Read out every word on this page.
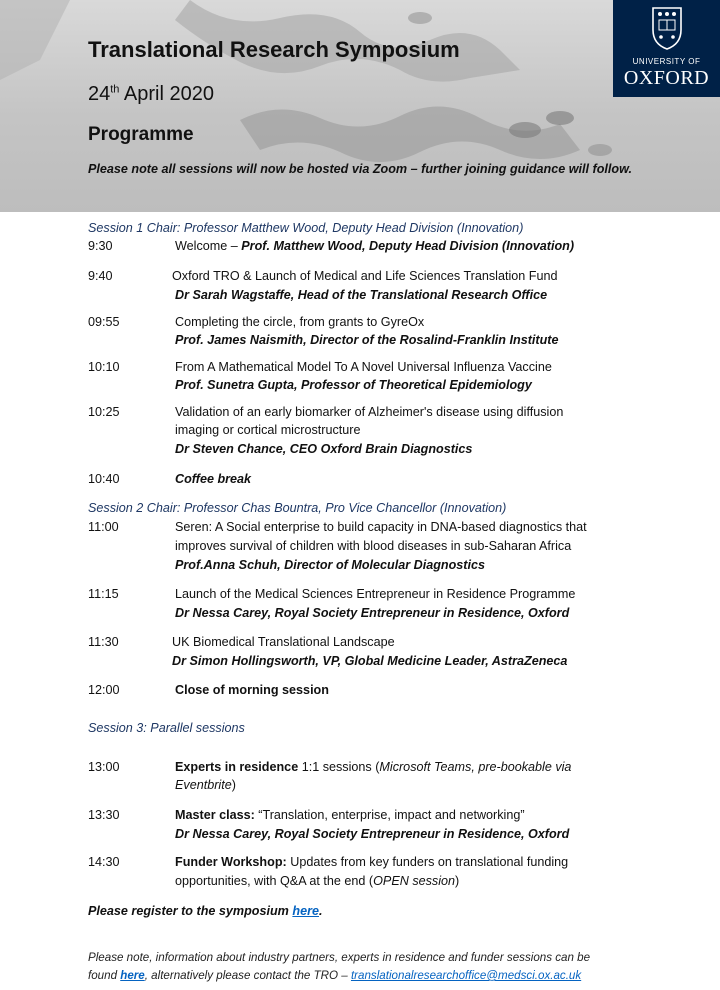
UNIVERSITY OF
OXFORD
Translational Research Symposium
24th April 2020
Programme
Please note all sessions will now be hosted via Zoom – further joining guidance will follow.
Session 1 Chair: Professor Matthew Wood, Deputy Head Division (Innovation)
9:30	Welcome – Prof. Matthew Wood, Deputy Head Division (Innovation)
9:40	Oxford TRO & Launch of Medical and Life Sciences Translation Fund
Dr Sarah Wagstaffe, Head of the Translational Research Office
09:55	Completing the circle, from grants to GyreOx
Prof. James Naismith, Director of the Rosalind-Franklin Institute
10:10	From A Mathematical Model To A Novel Universal Influenza Vaccine
Prof. Sunetra Gupta, Professor of Theoretical Epidemiology
10:25	Validation of an early biomarker of Alzheimer's disease using diffusion
imaging or cortical microstructure
Dr Steven Chance, CEO Oxford Brain Diagnostics
10:40	Coffee break
Session 2 Chair: Professor Chas Bountra, Pro Vice Chancellor (Innovation)
11:00	Seren: A Social enterprise to build capacity in DNA-based diagnostics that
improves survival of children with blood diseases in sub-Saharan Africa
Prof.Anna Schuh, Director of Molecular Diagnostics
11:15	Launch of the Medical Sciences Entrepreneur in Residence Programme
Dr Nessa Carey, Royal Society Entrepreneur in Residence, Oxford
11:30	UK Biomedical Translational Landscape
Dr Simon Hollingsworth, VP, Global Medicine Leader, AstraZeneca
12:00	Close of morning session
Session 3: Parallel sessions
13:00	Experts in residence 1:1 sessions (Microsoft Teams, pre-bookable via
Eventbrite)
13:30	Master class: “Translation, enterprise, impact and networking”
Dr Nessa Carey, Royal Society Entrepreneur in Residence, Oxford
14:30	Funder Workshop: Updates from key funders on translational funding
opportunities, with Q&A at the end (OPEN session)
Please register to the symposium here.
Please note, information about industry partners, experts in residence and funder sessions can be
found here, alternatively please contact the TRO – translationalresearchoffice@medsci.ox.ac.uk
